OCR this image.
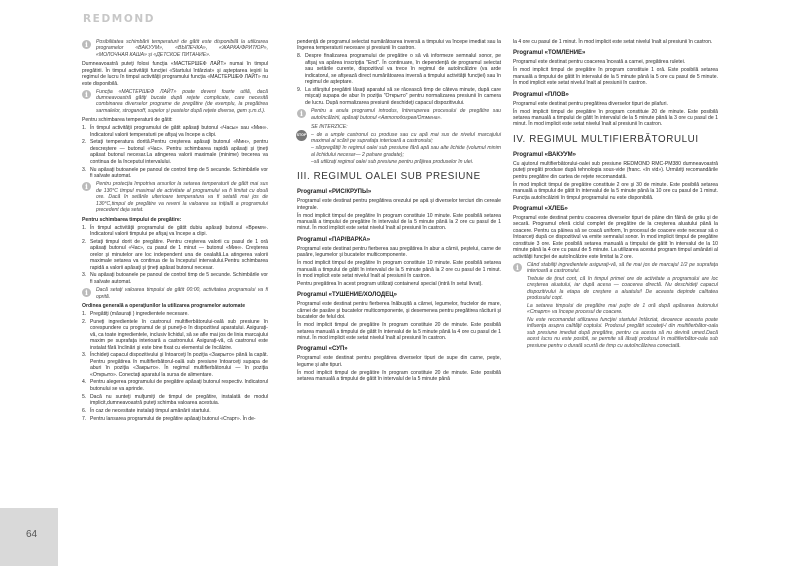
REDMOND
64
i	Posibilitatea schimbării temperaturii de gătit este disponibilă la utilizarea programelor «BAKУУM», «ВЫПЕЧКА», «ЖАРКА/ФРИТЮР», «МОЛОЧНАЯ КАША» și «ДЕТСКОЕ ПИТАНИЕ».

Dumneavoastră puteţi folosi funcţia «МАСТЕРШЕФ ЛАЙТ» numai în timpul pregătirii. În timpul activităţii funcţiei «Startului întârziat» şi aşteptarea ieşirii la regimul de lucru în timpul activităţii programului funcţia «МАСТЕРШЕФ ЛАЙТ» nu este disponibilă.

i	Funcţia «МАСТЕРШЕФ ЛАЙТ» poate deveni foarte utilă, dacă dumneavoastră gătiţi bucate după reţete complicate, care necesită combinarea diverselor programe de pregătire (de exemplu, la pregătirea sarmalelor, stroganoff, supelor şi pastelor după reţete diverse, gem ş.m.d.).

Pentru schimbarea temperaturii de gătit:

1. În timpul activităţii programului de gătit apăsaţi butonul «Часы» sau «Мин». Indicatorul valorii temperaturii pe afişaj va începe a clipi.
2. Setaţi temperatura dorită.Pentru creşterea apăsaţi butonul «Мин», pentru descreştere — butonul «Час». Pentru schimbarea rapidă apăsaţi şi ţineţi apăsat butonul necesar.La atingerea valorii maximale (minime) trecerea va continua de la începutul intervalului.
3. Nu apăsaţi butoanele pe panoul de control timp de 5 secunde. Schimbările vor fi salvate automat.
i	Pentru protecţia împotriva arsurilor la setarea temperaturii de gătit mai sus de 130°C timpul maximal de activitate al programului va fi limitat cu două ore. Dacă în setările ulterioare temperatura va fi setată mai jos de 130°C,timpul de pregătire va reveni la valoarea sa iniţială a programului precedent deja setat.

Pentru schimbarea timpului de pregătire:

1. În timpul activităţii programului de gătit dubiu apăsaţi butonul «Время». Indicatorul valorii timpului pe afişaj va începe a clipi.
2. Setaţi timpul dorit de pregătire. Pentru creşterea valorii cu pasul de 1 oră apăsaţi butonul «Час», cu pasul de 1 minut — butonul «Мин». Creşterea orelor şi minutelor are loc independent una de cealaltă.La atingerea valorii maximale setarea va continua de la începutul intervalului.Pentru schimbarea rapidă a valorii apăsaţi şi ţineţi apăsat butonul necesar.
3. Nu apăsaţi butoanele pe panoul de control timp de 5 secunde. Schimbările vor fi salvate automat.
i	Dacă setaţi valoarea timpului de gătit 00:00, activitatea programului va fi oprită.

Ordinea generală a operaţiunilor la utilizarea programelor automate

1. Pregătiţi (măsuraţi ) ingredientele necesare.
2. Puneţi ingredientele în castronul multifierbătorului-oală sub presiune în corespundere cu programul de şi puneţi-o în dispozitivul aparatului. Asiguraţi-vă, ca toate ingredientele, inclusiv lichidul, să se afle mai jos de linia marcajului maxim pe suprafaţa interioară a castronului. Asiguraţi-vă, că castronul este instalat fără înclinări şi este bine fixat cu elementul de încălzire.
3. Închideţi capacul dispozitivului şi întoarceţi în poziţia «Закрыто» până la capăt. Pentru pregătirea în multifierbătorul-oală sub presiune întoarceţi supapa de aburi în poziţia «Закрыто». În regimul multifierbătorului — în poziţia «Открыто». Conectaţi aparatul la sursa de alimentare.
4. Pentru alegerea programului de pregătire apăsaţi butonul respectiv. Indicatorul butonului se va aprinde.
5. Dacă nu sunteţi mulţumiţi de timpul de pregătire, instalată de modul implicit,dumneavoastră puteţi schimba valoarea acestuia.
6. În caz de necesitate instalaţi timpul amânării startului.
7. Pentru lansarea programului de pregătire apăsaţi butonul «Старт». În de-

pendenţă de programul selectat numărătoarea inversă a timpului va începe imediat sau la îngerea temperaturii necesare şi presiunii în castron.

8. Despre finalizarea programului de pregătire o să vă informeze semnalul sonor, pe afişaj va apărea inscripţia "End". În continuare, în dependenţă de programul selectat sau setările curente, dispozitivul va trece în regimul de autoîncălzire (va arde indicatorul, se afişează direct numărătoarea inversă a timpului activităţii funcţiei) sau în regimul de aşteptare.
9. La sfârşitul pregătirii lăsaţi aparatul să se răcească timp de câteva minute, după care mişcaţi supapa de abur în poziţia "Открыто" pentru normalizarea presiunii în camera de lucru. După normalizarea presiunii deschideţi capacul dispozitivului.
i	Pentru a anula programul introdus, întreruperea procesului de pregătire sau autoîncălzirii, apăsaţi butonul «Автоподогрев/Отмена».

STOP

SE INTERZICE:

– de a umple castronul cu produse sau cu apă mai sus de nivelul marcajului maximal al scării pe suprafaţa interioară a castronului;

– sărpregătiţi în regimul oalei sub presiune fără apă sau alte lichide (volumul minim al lichidului necesar— 2 pahare gradate);

–să utilizaţi regimul oalei sub presiune pentru prăjirea produselor în ulei.

III. REGIMUL OALEI SUB PRESIUNE
Programul «РИС/КРУПЫ»

Programul este destinat pentru pregătirea orezului pe apă şi diverselor terciuri din cereale integrale.

În mod implicit timpul de pregătire în program constituie 10 minute. Este posibilă setarea manuală a timpului de pregătire în intervalul de la 5 minute până la 2 ore cu pasul de 1 minut. În mod implicit este setat nivelul înalt al presiunii în castron.

Programul «ПАР/ВАРКА»

Programul este destinat pentru fierberea sau pregătirea în abur a cărnii, peştelui, carne de pasăre, legumelor şi bucatelor multicomponente.

În mod implicit timpul de pregătire în program constituie 10 minute. Este posibilă setarea manuală a timpului de gătit în intervalul de la 5 minute până la 2 ore cu pasul de 1 minut. În mod implicit este setat nivelul înalt al presiunii în castron.

Pentru pregătirea în acest program utilizaţi containerul special (intră în setul livrat).

Programul «ТУШЕНИЕ/ХОЛОДЕЦ»

Programul este destinat pentru fierberea înăbuşită a cărnei, legumelor, fructelor de mare, cărnei de pasăre şi bucatelor multicomponente, şi desemenea pentru pregătirea răciturii şi bucatelor de felul doi.

În mod implicit timpul de pregătire în program constituie 20 de minute. Este posibilă setarea manuală a timpului de gătit în intervalul de la 5 minute până la 4 ore cu pasul de 1 minut. În mod implicit este setat nivelul înalt al presiunii în castron.

Programul «СУП»

Programul este destinat pentru pregătirea diverselor tipuri de supe din carne, peşte, legume şi alte tipuri.

În mod implicit timpul de pregătire în program constituie 20 de minute. Este posibilă setarea manuală a timpului de gătit în intervalul de la 5 minute până

la 4 ore cu pasul de 1 minut. În mod implicit este setat nivelul înalt al presiunii în castron.

Programul «ТОМЛЕНИЕ»

Programul este destinat pentru coacerea înceată a carnei, pregătirea ruletei.

În mod implicit timpul de pregătire în program constituie 1 oră. Este posibilă setarea manuală a timpului de gătit în intervalul de la 5 minute până la 5 ore cu pasul de 5 minute. În mod implicit este setat nivelul înalt al presiunii în castron.

Programul «ПЛОВ»

Programul este destinat pentru pregătirea diverselor tipuri de pilafuri.

În mod implicit timpul de pregătire în program constituie 20 de minute. Este posibilă setarea manuală a timpului de gătit în intervalul de la 5 minute până la 3 ore cu pasul de 1 minut. În mod implicit este setat nivelul înalt al presiunii în castron.

IV. REGIMUL MULTIFIERBĂTORULUI
Programul «ВАКУУМ»

Cu ajutorul multifierbătorului-oalei sub presiune REDMOND RMC-PM380 dumneavoastră puteţi pregăti produse după tehnologia sous-vide (franc. «în vid»). Urmăriţi recomandările pentru pregătire din cartea de reţete recomandată.

În mod implicit timpul de pregătire constituie 2 ore şi 30 de minute. Este posibilă setarea manuală a timpului de gătit în intervalul de la 5 minute până la 10 ore cu pasul de 1 minut. Funcţia autoîncălzirii în timpul programului nu este disponibilă.

Programul «ХЛЕБ»

Programul este destinat pentru coacerea diverselor tipuri de pâine din făină de grâu şi de secară. Programul oferă ciclul complet de pregătire de la creşterea aluatului până la coacere. Pentru ca pâinea să se coacă uniform, în procesul de coacere este necesar să o întoarceţi după ce dispozitivul va emite semnalul sonor. În mod implicit timpul de pregătire constituie 3 ore. Este posibilă setarea manuală a timpului de gătit în intervalul de la 10 minute până la 4 ore cu pasul de 5 minute. La utilizarea acestui program timpul amânării al activităţii funcţiei de autoîncălzire este limitat la 2 ore.

i	Când stabiliţi ingredientele asiguraţi-vă, să fie mai jos de marcajul 1/2 pe suprafaţa interioară a castronului.

Trebuie de ţinut cont, că în timpul primei ore de activitate a programului are loc creşterea aluatului, iar după acesa — coacerea directă. Nu deschideţi capacul dispozitivului la etapa de creştere a aluatului! De aceasta depinde calitatea produsului copt.

La setarea timpului de pregătire mai puţin de 1 oră după apăsarea butonului «Старт» va începe procesul de coacere.

Nu este recomandat utilizarea funcţiei startului întârziat, deoarece aceasta poate influenţa asupra calităţii coptului. Produsul pregătit scoateţi-l din multifierbător-oala sub presiune imediat după pregătire, pentru ca acesta să nu devină umed.Dacă acest lucru nu este posibil, se permite să lăsaţi produsul în multifierbător-oala sub presiune pentru o durată scurtă de timp cu autoîncălzirea conectată.
